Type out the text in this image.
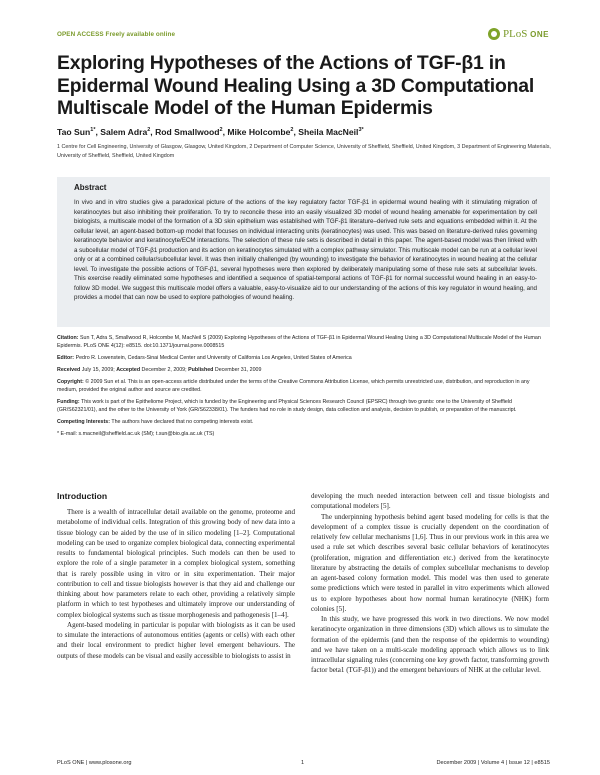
OPEN ACCESS Freely available online	PLoS ONE
Exploring Hypotheses of the Actions of TGF-β1 in Epidermal Wound Healing Using a 3D Computational Multiscale Model of the Human Epidermis
Tao Sun$^{1*}$, Salem Adra$^2$, Rod Smallwood$^2$, Mike Holcombe$^2$, Sheila MacNeil$^{3*}$
1 Centre for Cell Engineering, University of Glasgow, Glasgow, United Kingdom, 2 Department of Computer Science, University of Sheffield, Sheffield, United Kingdom, 3 Department of Engineering Materials, University of Sheffield, Sheffield, United Kingdom
Abstract
In vivo and in vitro studies give a paradoxical picture of the actions of the key regulatory factor TGF-β1 in epidermal wound healing with it stimulating migration of keratinocytes but also inhibiting their proliferation. To try to reconcile these into an easily visualized 3D model of wound healing amenable for experimentation by cell biologists, a multiscale model of the formation of a 3D skin epithelium was established with TGF-β1 literature–derived rule sets and equations embedded within it. At the cellular level, an agent-based bottom-up model that focuses on individual interacting units (keratinocytes) was used. This was based on literature-derived rules governing keratinocyte behavior and keratinocyte/ECM interactions. The selection of these rule sets is described in detail in this paper. The agent-based model was then linked with a subcellular model of TGF-β1 production and its action on keratinocytes simulated with a complex pathway simulator. This multiscale model can be run at a cellular level only or at a combined cellular/subcellular level. It was then initially challenged (by wounding) to investigate the behavior of keratinocytes in wound healing at the cellular level. To investigate the possible actions of TGF-β1, several hypotheses were then explored by deliberately manipulating some of these rule sets at subcellular levels. This exercise readily eliminated some hypotheses and identified a sequence of spatial-temporal actions of TGF-β1 for normal successful wound healing in an easy-to-follow 3D model. We suggest this multiscale model offers a valuable, easy-to-visualize aid to our understanding of the actions of this key regulator in wound healing, and provides a model that can now be used to explore pathologies of wound healing.

Citation: Sun T, Adra S, Smallwood R, Holcombe M, MacNeil S (2009) Exploring Hypotheses of the Actions of TGF-β1 in Epidermal Wound Healing Using a 3D Computational Multiscale Model of the Human Epidermis. PLoS ONE 4(12): e8515. doi:10.1371/journal.pone.0008515

Editor: Pedro R. Lowenstein, Cedars-Sinai Medical Center and University of California Los Angeles, United States of America

Received July 15, 2009; Accepted December 2, 2009; Published December 31, 2009

Copyright: © 2009 Sun et al. This is an open-access article distributed under the terms of the Creative Commons Attribution License, which permits unrestricted use, distribution, and reproduction in any medium, provided the original author and source are credited.

Funding: This work is part of the Epitheliome Project, which is funded by the Engineering and Physical Sciences Research Council (EPSRC) through two grants: one to the University of Sheffield (GR/S62321/01), and the other to the University of York (GR/S62338/01). The funders had no role in study design, data collection and analysis, decision to publish, or preparation of the manuscript.

Competing Interests: The authors have declared that no competing interests exist.

* E-mail: s.macneil@sheffield.ac.uk (SM); t.sun@bio.gla.ac.uk (TS)

Introduction

There is a wealth of intracellular detail available on the genome, proteome and metabolome of individual cells. Integration of this growing body of new data into a tissue biology can be aided by the use of in silico modeling [1–2]. Computational modeling can be used to organize complex biological data, connecting experimental results to fundamental biological principles. Such models can then be used to explore the role of a single parameter in a complex biological system, something that is rarely possible using in vitro or in situ experimentation. Their major contribution to cell and tissue biologists however is that they aid and challenge our thinking about how parameters relate to each other, providing a relatively simple platform in which to test hypotheses and ultimately improve our understanding of complex biological systems such as tissue morphogenesis and pathogenesis [1–4].

Agent-based modeling in particular is popular with biologists as it can be used to simulate the interactions of autonomous entities (agents or cells) with each other and their local environment to predict higher level emergent behaviours. The outputs of these models can be visual and easily accessible to biologists to assist in

developing the much needed interaction between cell and tissue biologists and computational modelers [5].

The underpinning hypothesis behind agent based modeling for cells is that the development of a complex tissue is crucially dependent on the coordination of relatively few cellular mechanisms [1,6]. Thus in our previous work in this area we used a rule set which describes several basic cellular behaviors of keratinocytes (proliferation, migration and differentiation etc.) derived from the keratinocyte literature by abstracting the details of complex subcellular mechanisms to develop an agent-based colony formation model. This model was then used to generate some predictions which were tested in parallel in vitro experiments which allowed us to explore hypotheses about how normal human keratinocyte (NHK) form colonies [5].

In this study, we have progressed this work in two directions. We now model keratinocyte organization in three dimensions (3D) which allows us to simulate the formation of the epidermis (and then the response of the epidermis to wounding) and we have taken on a multi-scale modeling approach which allows us to link intracellular signaling rules (concerning one key growth factor, transforming growth factor beta1 (TGF-β1)) and the emergent behaviours of NHK at the cellular level.

PLoS ONE | www.plosone.org	1	December 2009 | Volume 4 | Issue 12 | e8515
